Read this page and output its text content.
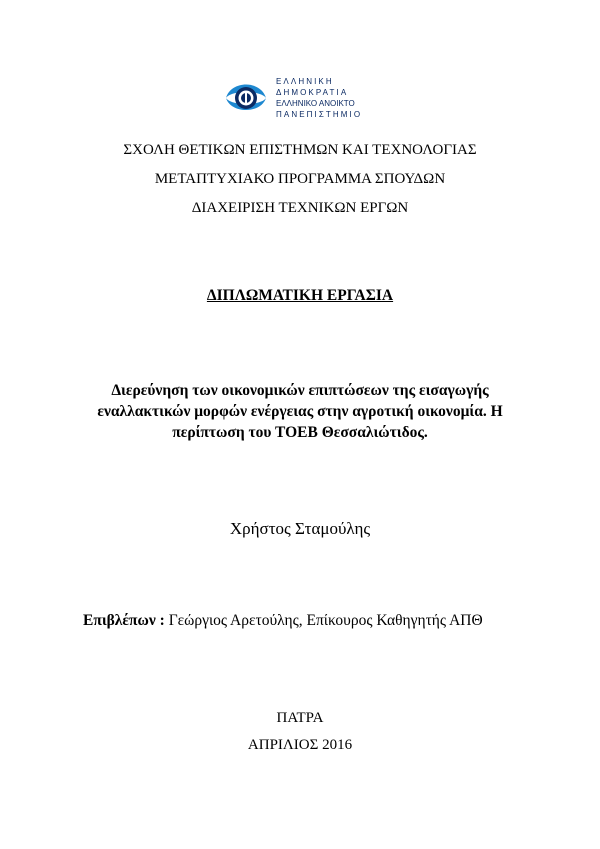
ΕΛΛΗΝΙΚΗ
ΔΗΜΟΚΡΑΤΙΑ
ΕΛΛΗΝΙΚΟ ΑΝΟΙΚΤΟ
ΠΑΝΕΠΙΣΤΗΜΙΟ
ΣΧΟΛΗ ΘΕΤΙΚΩΝ ΕΠΙΣΤΗΜΩΝ ΚΑΙ ΤΕΧΝΟΛΟΓΙΑΣ
ΜΕΤΑΠΤΥΧΙΑΚΟ ΠΡΟΓΡΑΜΜΑ ΣΠΟΥΔΩΝ
ΔΙΑΧΕΙΡΙΣΗ ΤΕΧΝΙΚΩΝ ΕΡΓΩΝ
ΔΙΠΛΩΜΑΤΙΚΗ ΕΡΓΑΣΙΑ
Διερεύνηση των οικονομικών επιπτώσεων της εισαγωγής
εναλλακτικών μορφών ενέργειας στην αγροτική οικονομία. Η
περίπτωση του ΤΟΕΒ Θεσσαλιώτιδος.
Χρήστος Σταμούλης
Επιβλέπων : Γεώργιος Αρετούλης, Επίκουρος Καθηγητής ΑΠΘ
ΠΑΤΡΑ
ΑΠΡΙΛΙΟΣ 2016
